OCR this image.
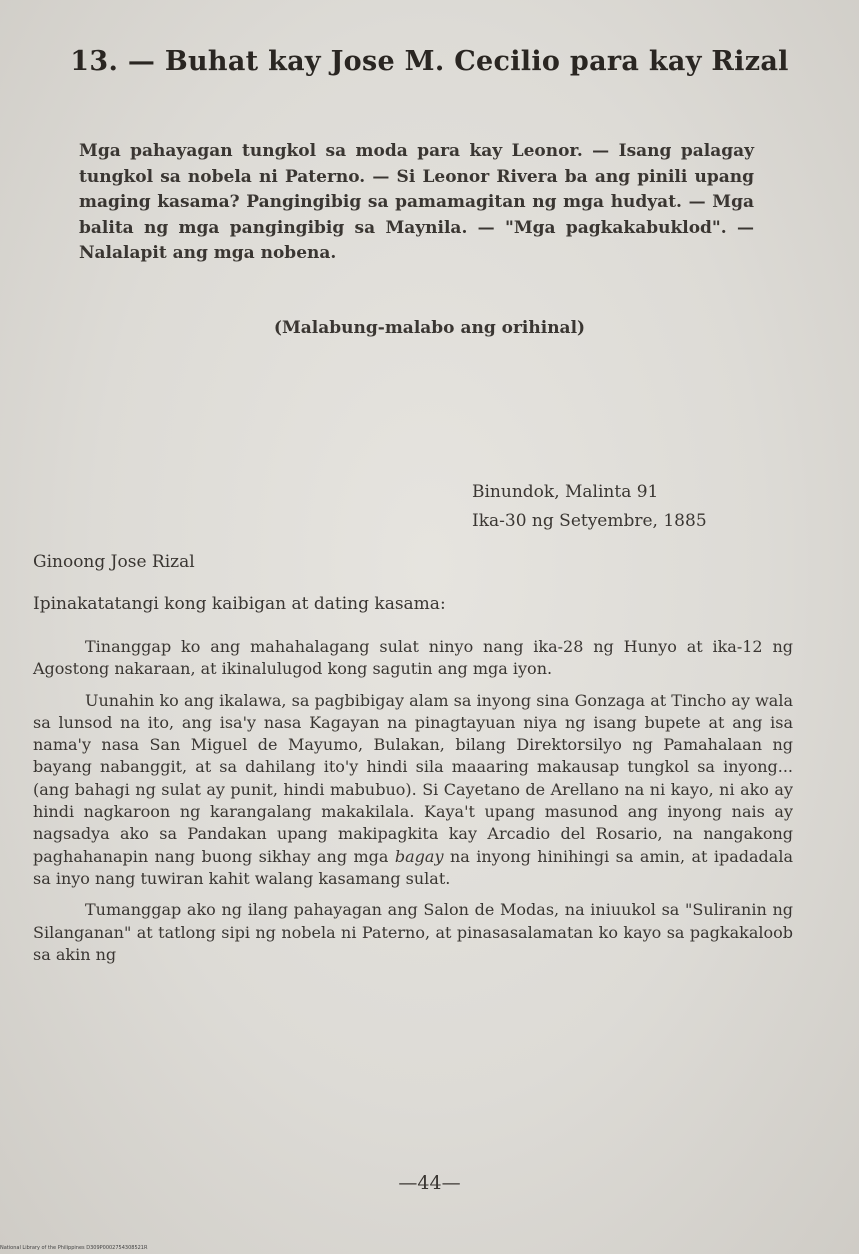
13. — Buhat kay Jose M. Cecilio para kay Rizal
Mga pahayagan tungkol sa moda para kay Leonor. — Isang palagay tungkol sa nobela ni Paterno. — Si Leonor Rivera ba ang pinili upang maging kasama? Pangingibig sa pamamagitan ng mga hudyat. — Mga balita ng mga pangingibig sa Maynila. — "Mga pagkakabuklod". — Nalalapit ang mga nobena.
(Malabung-malabo ang orihinal)
Binundok, Malinta 91
Ika-30 ng Setyembre, 1885
Ginoong Jose Rizal
Ipinakatatangi kong kaibigan at dating kasama:

Tinanggap ko ang mahahalagang sulat ninyo nang ika-28 ng Hunyo at ika-12 ng Agostong nakaraan, at ikinalulugod kong sagutin ang mga iyon.

Uunahin ko ang ikalawa, sa pagbibigay alam sa inyong sina Gonzaga at Tincho ay wala sa lunsod na ito, ang isa'y nasa Kagayan na pinagtayuan niya ng isang bupete at ang isa nama'y nasa San Miguel de Mayumo, Bulakan, bilang Direktorsilyo ng Pamahalaan ng bayang nabanggit, at sa dahilang ito'y hindi sila maaaring makausap tungkol sa inyong... (ang bahagi ng sulat ay punit, hindi mabubuo). Si Cayetano de Arellano na ni kayo, ni ako ay hindi nagkaroon ng karangalang makakilala. Kaya't upang masunod ang inyong nais ay nagsadya ako sa Pandakan upang makipagkita kay Arcadio del Rosario, na nangakong paghahanapin nang buong sikhay ang mga bagay na inyong hinihingi sa amin, at ipadadala sa inyo nang tuwiran kahit walang kasamang sulat.

Tumanggap ako ng ilang pahayagan ang Salon de Modas, na iniuukol sa "Suliranin ng Silanganan" at tatlong sipi ng nobela ni Paterno, at pinasasalamatan ko kayo sa pagkakaloob sa akin ng

—44—
National Library of the Philippines D309P0002754308521R
